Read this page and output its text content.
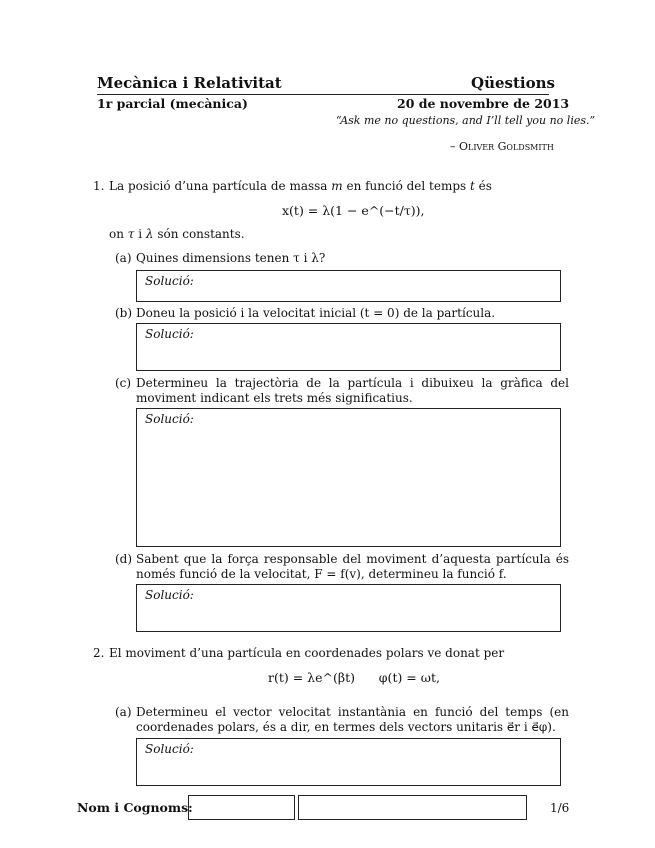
Mecànica i Relativitat	Qüestions
1r parcial (mecànica)	20 de novembre de 2013
“Ask me no questions, and I’ll tell you no lies.”
– Oliver Goldsmith
1. La posició d’una partícula de massa m en funció del temps t és
x(t) = λ(1 − e^(−t/τ)),
on τ i λ són constants.
(a) Quines dimensions tenen τ i λ?
Solució:
(b) Doneu la posició i la velocitat inicial (t = 0) de la partícula.
Solució:
(c) Determineu la trajectòria de la partícula i dibuixeu la gràfica del moviment indicant els trets més significatius.
Solució:
(d) Sabent que la força responsable del moviment d’aquesta partícula és només funció de la velocitat, F = f(v), determineu la funció f.
Solució:
2. El moviment d’una partícula en coordenades polars ve donat per
r(t) = λe^(βt)      φ(t) = ωt,
(a) Determineu el vector velocitat instantània en funció del temps (en coordenades polars, és a dir, en termes dels vectors unitaris e⃗r i e⃗φ).
Solució:
Nom i Cognoms:	1/6
